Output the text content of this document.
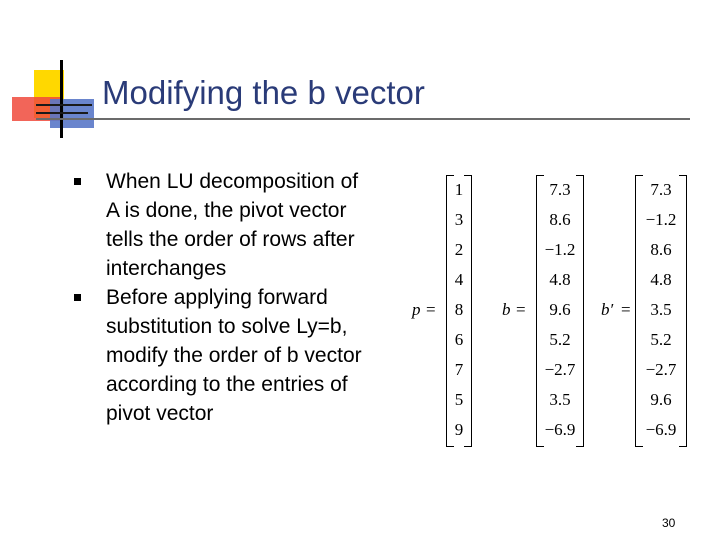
Modifying the b vector
When LU decomposition of A is done, the pivot vector tells the order of rows after interchanges
Before applying forward substitution to solve Ly=b, modify the order of b vector according to the entries of pivot vector
p =
1
3
2
4
8
6
7
5
9
b =
7.3
8.6
−1.2
4.8
9.6
5.2
−2.7
3.5
−6.9
b′ =
7.3
−1.2
8.6
4.8
3.5
5.2
−2.7
9.6
−6.9
30
